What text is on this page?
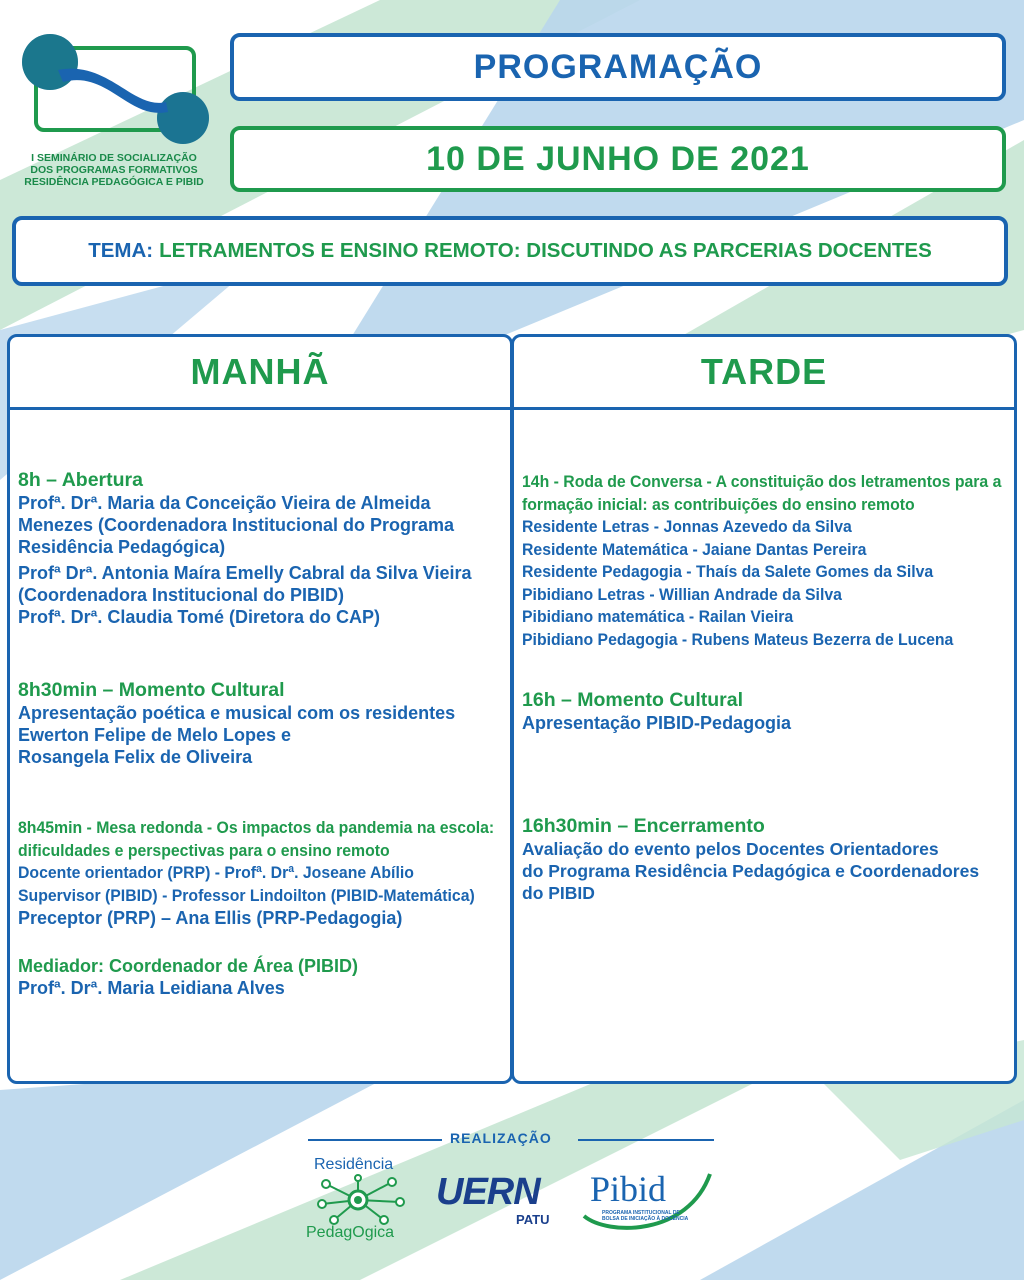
I SEMINÁRIO DE SOCIALIZAÇÃO
DOS PROGRAMAS FORMATIVOS
RESIDÊNCIA PEDAGÓGICA E PIBID
PROGRAMAÇÃO
10 DE JUNHO DE 2021
TEMA: LETRAMENTOS E ENSINO REMOTO: DISCUTINDO AS PARCERIAS DOCENTES
MANHÃ
8h – Abertura
Profª. Drª. Maria da Conceição Vieira de Almeida
Menezes (Coordenadora Institucional do Programa
Residência Pedagógica)
Profª Drª. Antonia Maíra Emelly Cabral da Silva Vieira
(Coordenadora Institucional do PIBID)
Profª. Drª. Claudia Tomé (Diretora do CAP)
8h30min – Momento Cultural
Apresentação poética e musical com os residentes
Ewerton Felipe de Melo Lopes e
Rosangela Felix de Oliveira
8h45min - Mesa redonda - Os impactos da pandemia na escola:
dificuldades e perspectivas para o ensino remoto
Docente orientador (PRP) - Profª. Drª. Joseane Abílio
Supervisor (PIBID) - Professor Lindoilton (PIBID-Matemática)
Preceptor (PRP) – Ana Ellis (PRP-Pedagogia)
Mediador: Coordenador de Área (PIBID)
Profª. Drª. Maria Leidiana Alves
TARDE
14h - Roda de Conversa - A constituição dos letramentos para a
formação inicial: as contribuições do ensino remoto
Residente Letras - Jonnas Azevedo da Silva
Residente Matemática - Jaiane Dantas Pereira
Residente Pedagogia - Thaís da Salete Gomes da Silva
Pibidiano Letras - Willian Andrade da Silva
Pibidiano matemática - Railan Vieira
Pibidiano Pedagogia - Rubens Mateus Bezerra de Lucena
16h – Momento Cultural
Apresentação PIBID-Pedagogia
16h30min – Encerramento
Avaliação do evento pelos Docentes Orientadores
do Programa Residência Pedagógica e Coordenadores
do PIBID
REALIZAÇÃO
Residência
PedagOgica
UERN
PATU
Pibid
PROGRAMA INSTITUCIONAL DE
BOLSA DE INICIAÇÃO À DOCÊNCIA
